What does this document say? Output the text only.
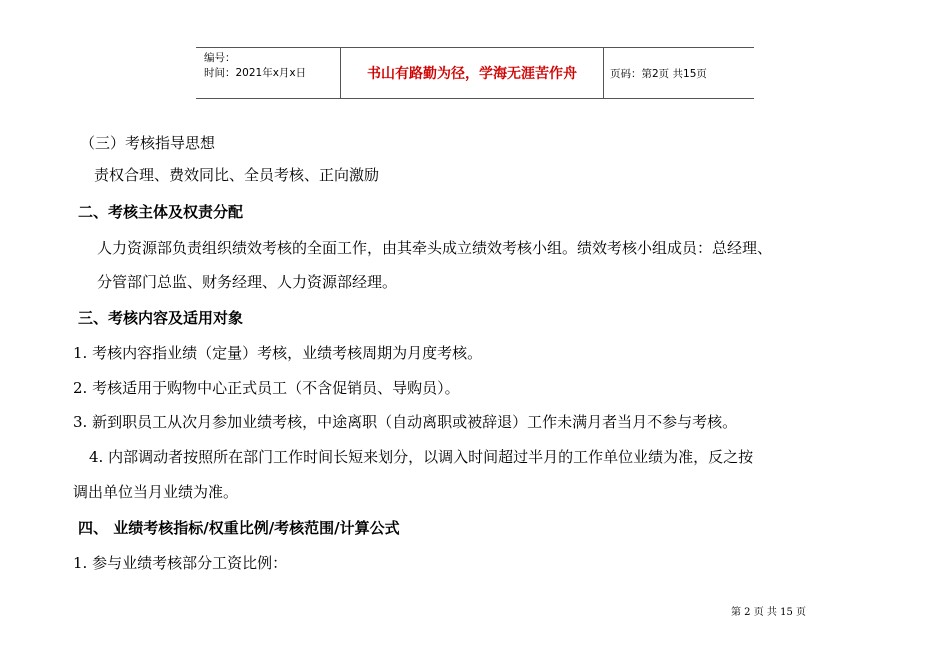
编号：
时间：2021年x月x日	书山有路勤为径，学海无涯苦作舟	页码：第2页 共15页
（三）考核指导思想
责权合理、费效同比、全员考核、正向激励
二、考核主体及权责分配
人力资源部负责组织绩效考核的全面工作，由其牵头成立绩效考核小组。绩效考核小组成员：总经理、
分管部门总监、财务经理、人力资源部经理。
三、考核内容及适用对象
1. 考核内容指业绩（定量）考核，业绩考核周期为月度考核。
2. 考核适用于购物中心正式员工（不含促销员、导购员）。
3. 新到职员工从次月参加业绩考核，中途离职（自动离职或被辞退）工作未满月者当月不参与考核。
4. 内部调动者按照所在部门工作时间长短来划分，以调入时间超过半月的工作单位业绩为准，反之按
调出单位当月业绩为准。
四、 业绩考核指标/权重比例/考核范围/计算公式
1. 参与业绩考核部分工资比例：
第 2 页 共 15 页
